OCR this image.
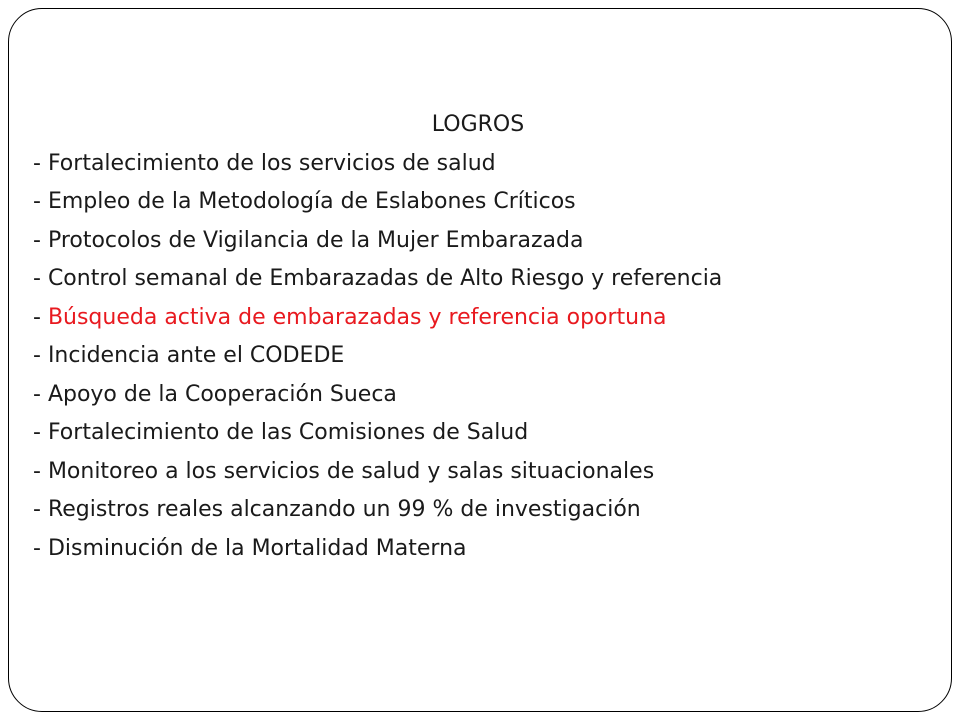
LOGROS
- Fortalecimiento de los servicios de salud
- Empleo de la Metodología de Eslabones Críticos
- Protocolos de Vigilancia de la Mujer Embarazada
- Control semanal de Embarazadas de Alto Riesgo y referencia
- Búsqueda activa de embarazadas y referencia oportuna
- Incidencia ante el CODEDE
- Apoyo de la Cooperación Sueca
- Fortalecimiento de las Comisiones de Salud
- Monitoreo a los servicios de salud y salas situacionales
- Registros reales alcanzando un 99 % de investigación
- Disminución de la Mortalidad Materna
